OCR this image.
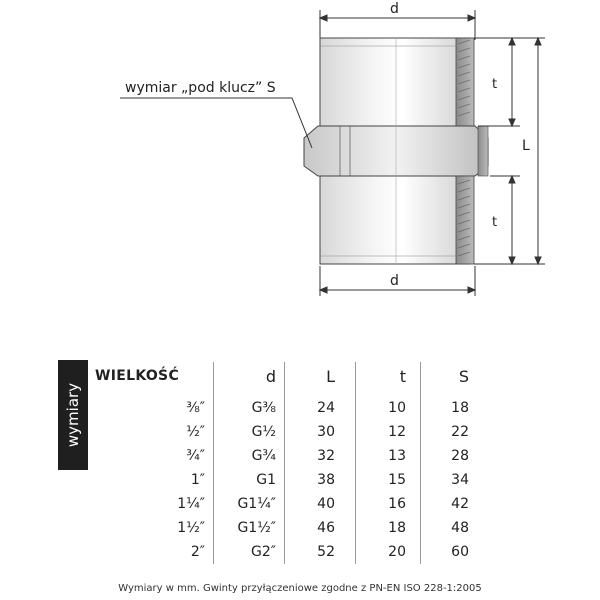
d
d
t
t
L
wymiar „pod klucz” S
wymiary
WIELKOŚĆ	d	L	t	S
⅜″	G⅜	24	10	18
½″	G½	30	12	22
¾″	G¾	32	13	28
1″	G1	38	15	34
1¼″	G1¼″	40	16	42
1½″	G1½″	46	18	48
2″	G2″	52	20	60
Wymiary w mm. Gwinty przyłączeniowe zgodne z PN-EN ISO 228-1:2005
